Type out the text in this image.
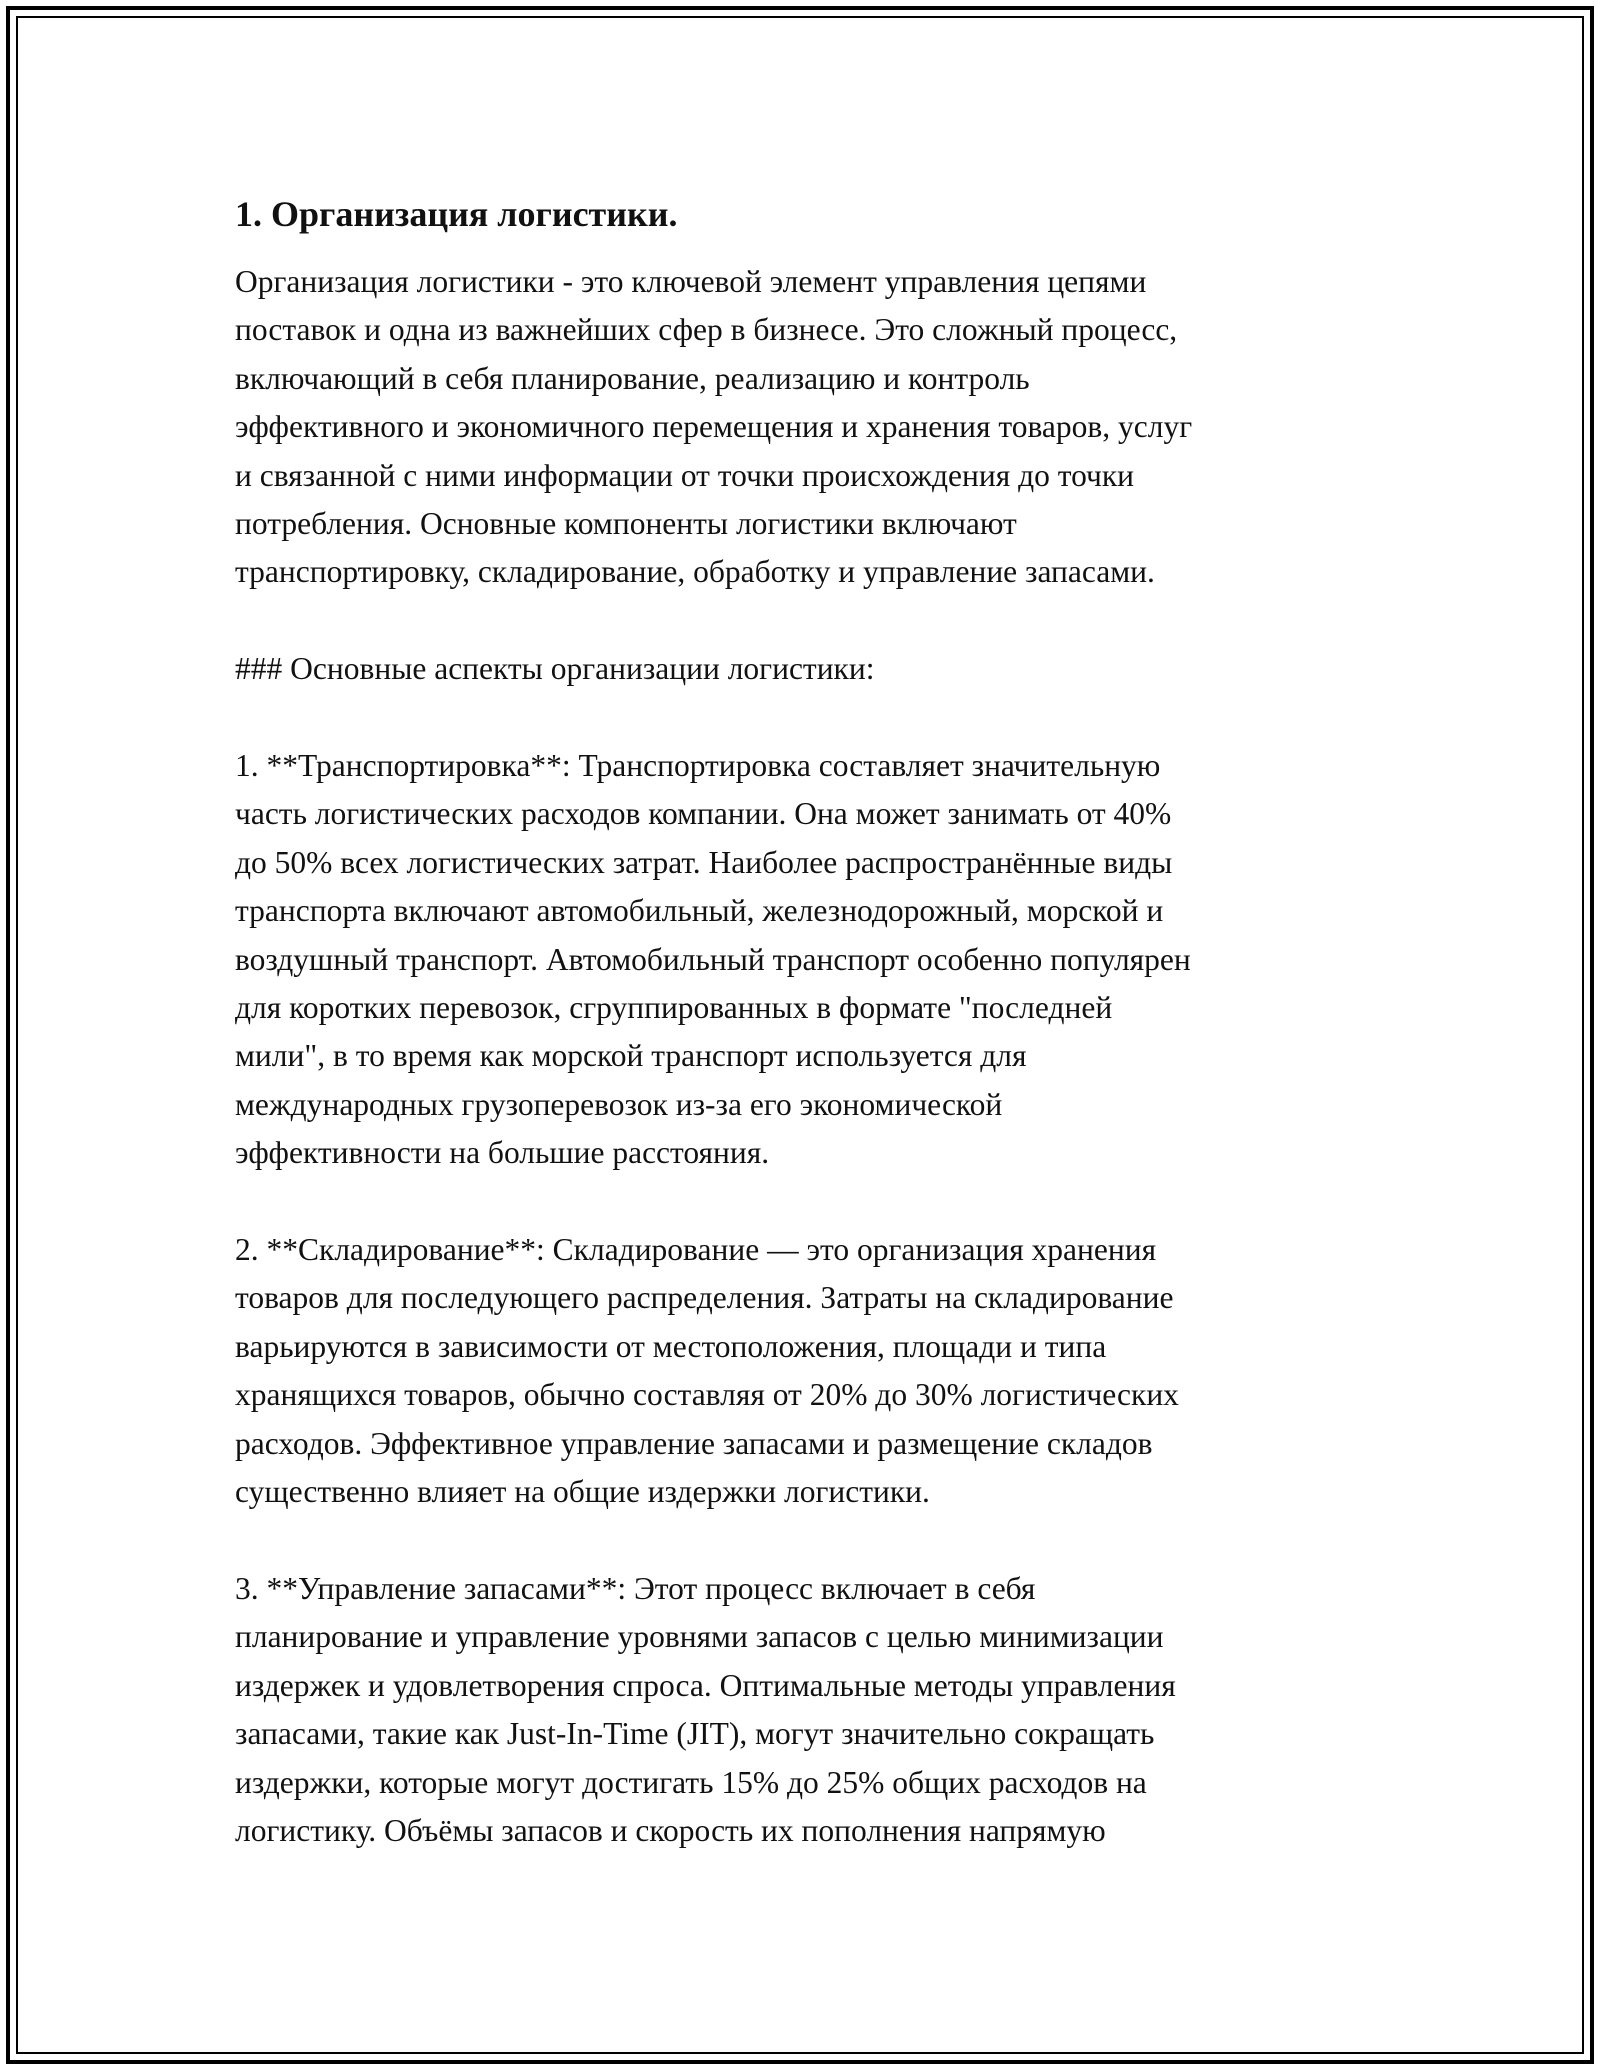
1. Организация логистики.

Организация логистики - это ключевой элемент управления цепями
поставок и одна из важнейших сфер в бизнесе. Это сложный процесс,
включающий в себя планирование, реализацию и контроль
эффективного и экономичного перемещения и хранения товаров, услуг
и связанной с ними информации от точки происхождения до точки
потребления. Основные компоненты логистики включают
транспортировку, складирование, обработку и управление запасами.

### Основные аспекты организации логистики:

1. **Транспортировка**: Транспортировка составляет значительную
часть логистических расходов компании. Она может занимать от 40%
до 50% всех логистических затрат. Наиболее распространённые виды
транспорта включают автомобильный, железнодорожный, морской и
воздушный транспорт. Автомобильный транспорт особенно популярен
для коротких перевозок, сгруппированных в формате "последней
мили", в то время как морской транспорт используется для
международных грузоперевозок из-за его экономической
эффективности на большие расстояния.

2. **Складирование**: Складирование — это организация хранения
товаров для последующего распределения. Затраты на складирование
варьируются в зависимости от местоположения, площади и типа
хранящихся товаров, обычно составляя от 20% до 30% логистических
расходов. Эффективное управление запасами и размещение складов
существенно влияет на общие издержки логистики.

3. **Управление запасами**: Этот процесс включает в себя
планирование и управление уровнями запасов с целью минимизации
издержек и удовлетворения спроса. Оптимальные методы управления
запасами, такие как Just-In-Time (JIT), могут значительно сокращать
издержки, которые могут достигать 15% до 25% общих расходов на
логистику. Объёмы запасов и скорость их пополнения напрямую
